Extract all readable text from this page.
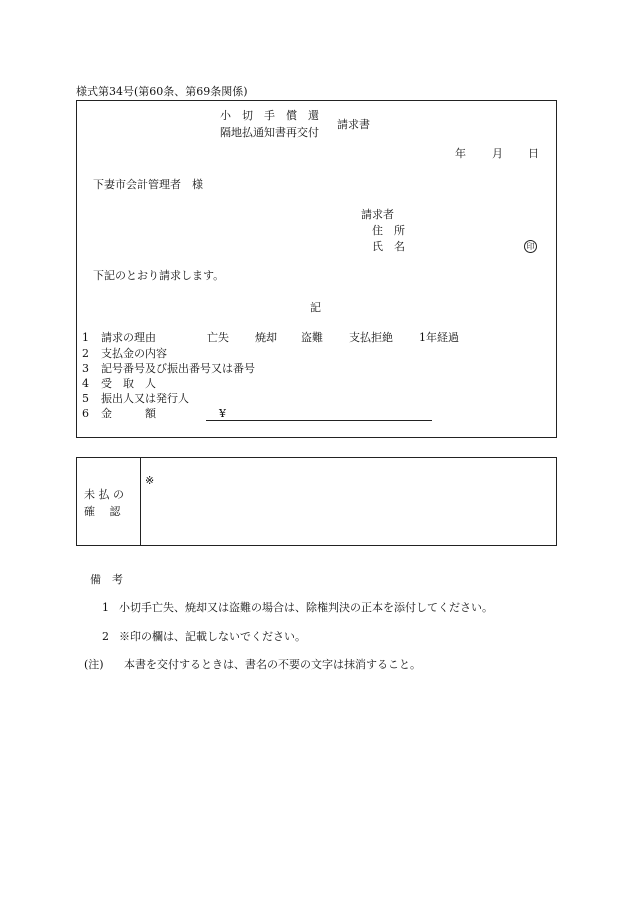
様式第34号(第60条、第69条関係)
小　切　手　償　還
隔地払通知書再交付
請求書
年 月 日
下妻市会計管理者　様
請求者
住　所
氏　名	印
下記のとおり請求します。
記
1 請求の理由	亡失 焼却 盗難 支払拒絶 1年経過
2 支払金の内容
3 記号番号及び振出番号又は番号
4 受　取　人
5 振出人又は発行人
6 金　　　額	¥
未 払 の
確　 認
※
備　考
1 小切手亡失、焼却又は盗難の場合は、除権判決の正本を添付してください。
2 ※印の欄は、記載しないでください。
(注) 本書を交付するときは、書名の不要の文字は抹消すること。
